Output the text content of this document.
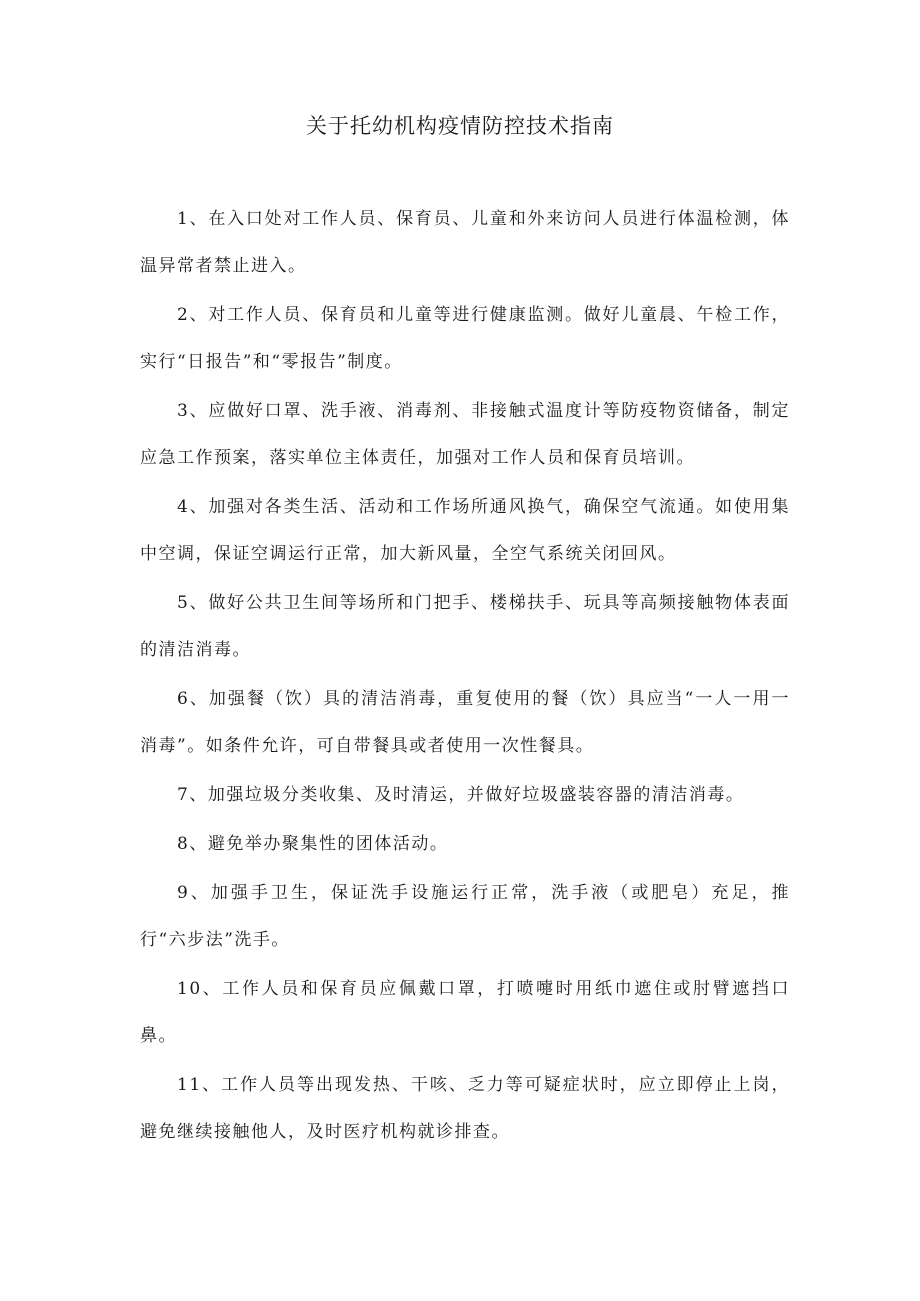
关于托幼机构疫情防控技术指南

1、在入口处对工作人员、保育员、儿童和外来访问人员进行体温检测，体温异常者禁止进入。

2、对工作人员、保育员和儿童等进行健康监测。做好儿童晨、午检工作，实行“日报告”和“零报告”制度。

3、应做好口罩、洗手液、消毒剂、非接触式温度计等防疫物资储备，制定应急工作预案，落实单位主体责任，加强对工作人员和保育员培训。

4、加强对各类生活、活动和工作场所通风换气，确保空气流通。如使用集中空调，保证空调运行正常，加大新风量，全空气系统关闭回风。

5、做好公共卫生间等场所和门把手、楼梯扶手、玩具等高频接触物体表面的清洁消毒。

6、加强餐（饮）具的清洁消毒，重复使用的餐（饮）具应当“一人一用一消毒”。如条件允许，可自带餐具或者使用一次性餐具。

7、加强垃圾分类收集、及时清运，并做好垃圾盛装容器的清洁消毒。

8、避免举办聚集性的团体活动。

9、加强手卫生，保证洗手设施运行正常，洗手液（或肥皂）充足，推行“六步法”洗手。

10、工作人员和保育员应佩戴口罩，打喷嚏时用纸巾遮住或肘臂遮挡口鼻。

11、工作人员等出现发热、干咳、乏力等可疑症状时，应立即停止上岗，避免继续接触他人，及时医疗机构就诊排查。
